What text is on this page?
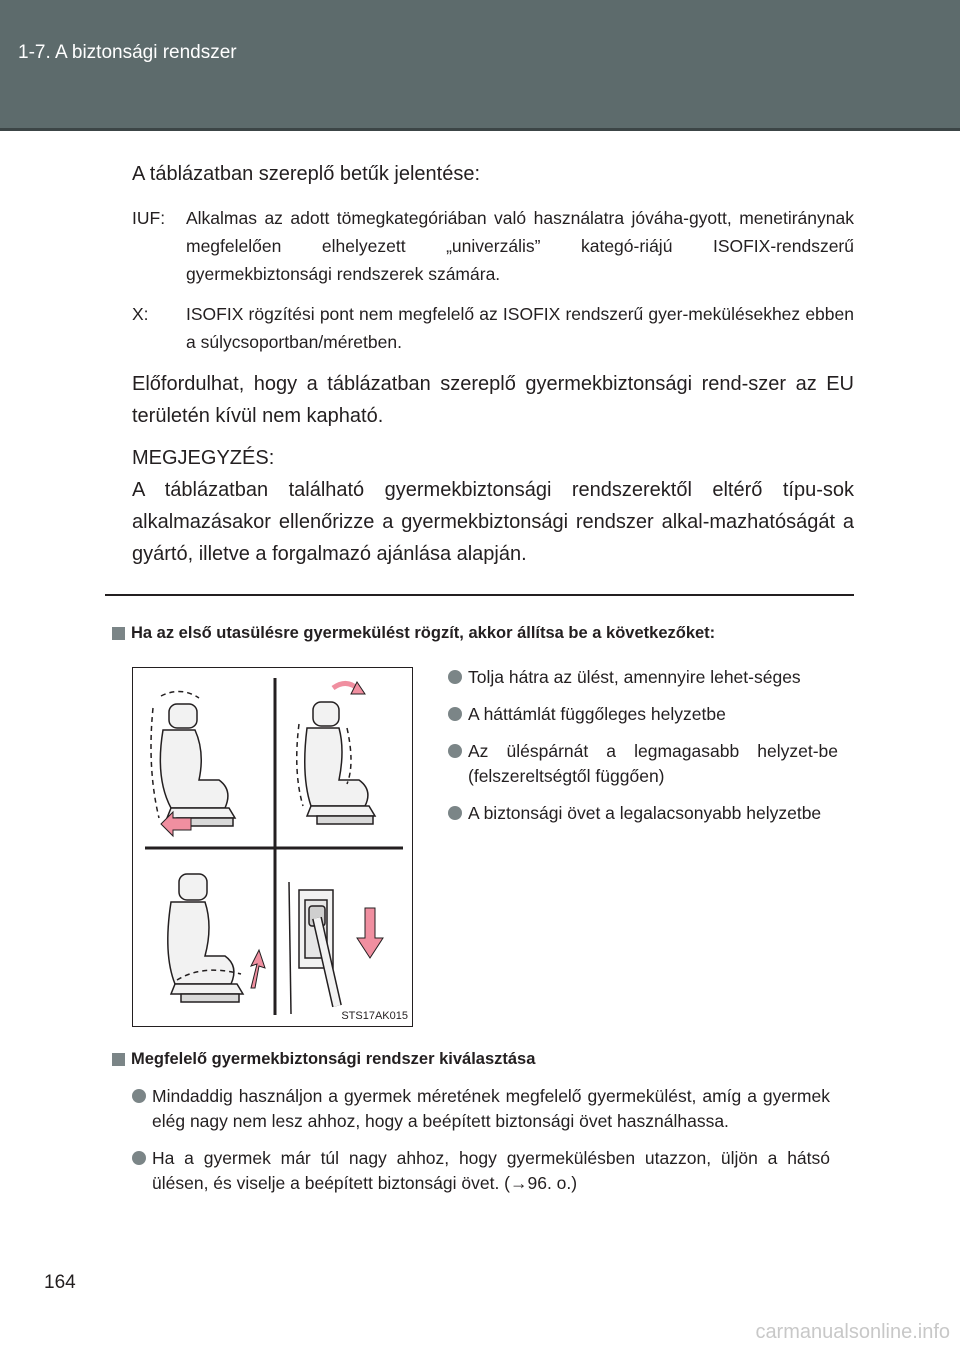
1-7. A biztonsági rendszer
A táblázatban szereplő betűk jelentése:
IUF:	Alkalmas az adott tömegkategóriában való használatra jóváha-gyott, menetiránynak megfelelően elhelyezett „univerzális” kategó-riájú ISOFIX-rendszerű gyermekbiztonsági rendszerek számára.
X:	ISOFIX rögzítési pont nem megfelelő az ISOFIX rendszerű gyer-mekülésekhez ebben a súlycsoportban/méretben.
Előfordulhat, hogy a táblázatban szereplő gyermekbiztonsági rend-szer az EU területén kívül nem kapható.
MEGJEGYZÉS:
A táblázatban található gyermekbiztonsági rendszerektől eltérő típu-sok alkalmazásakor ellenőrizze a gyermekbiztonsági rendszer alkal-mazhatóságát a gyártó, illetve a forgalmazó ajánlása alapján.
Ha az első utasülésre gyermekülést rögzít, akkor állítsa be a következőket:
STS17AK015
Tolja hátra az ülést, amennyire lehet-séges
A háttámlát függőleges helyzetbe
Az üléspárnát a legmagasabb helyzet-be (felszereltségtől függően)
A biztonsági övet a legalacsonyabb helyzetbe
Megfelelő gyermekbiztonsági rendszer kiválasztása
Mindaddig használjon a gyermek méretének megfelelő gyermekülést, amíg a gyermek elég nagy nem lesz ahhoz, hogy a beépített biztonsági övet használhassa.
Ha a gyermek már túl nagy ahhoz, hogy gyermekülésben utazzon, üljön a hátsó ülésen, és viselje a beépített biztonsági övet. (→96. o.)
164
carmanualsonline.info
